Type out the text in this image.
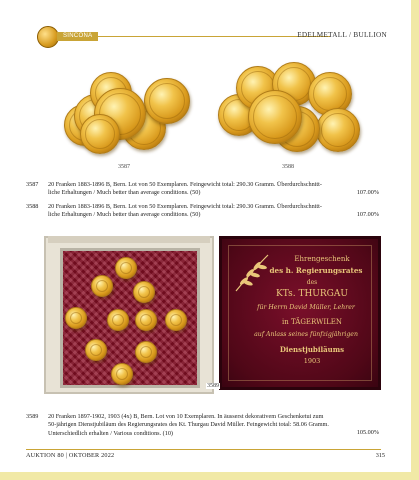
SINCONA	EDELMETALL / BULLION
3587	3588
3587 20 Franken 1883-1896 B, Bern. Lot von 50 Exemplaren. Feingewicht total: 290.30 Gramm. Überdurchschnitt-liche Erhaltungen / Much better than average conditions. (50)	107.00%
3588 20 Franken 1883-1896 B, Bern. Lot von 50 Exemplaren. Feingewicht total: 290.30 Gramm. Überdurchschnitt-liche Erhaltungen / Much better than average conditions. (50)	107.00%
Ehrengeschenk
des h. Regierungsrates
des
KTs. THURGAU
für Herrn David Müller, Lehrer
in TÄGERWILEN
auf Anlass seines fünfzigjährigen
Dienstjubiläums
1903
3589
3589 20 Franken 1897-1902, 1903 (4x) B, Bern. Lot von 10 Exemplaren. In äusserst dekorativem Geschenketui zum 50-jährigen Dienstjubiläum des Regierungsrates des Kt. Thurgau David Müller. Feingewicht total: 58.06 Gramm. Unterschiedlich erhalten / Various conditions. (10)	105.00%
AUKTION 80 | OKTOBER 2022	315
